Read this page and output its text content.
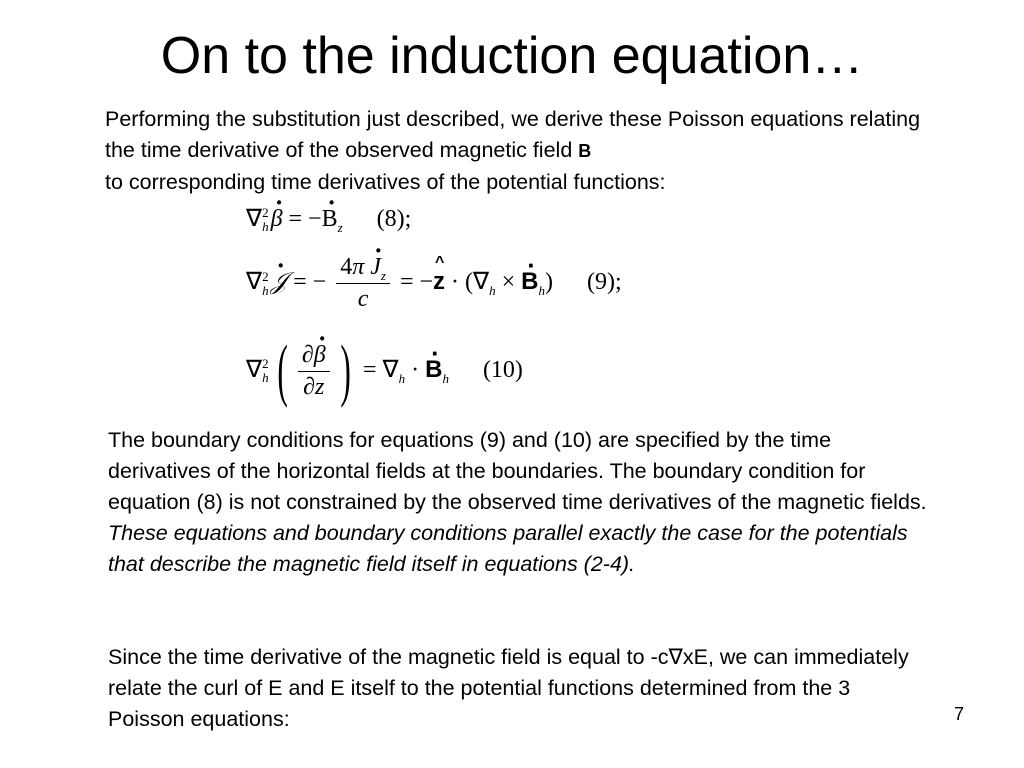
On to the induction equation…
Performing the substitution just described, we derive these Poisson equations relating the time derivative of the observed magnetic field B
to corresponding time derivatives of the potential functions:
∇ 2
h · β = −· $B_z$ (8);
∇ 2
h · 𝒥 = − $\frac{4\pi \cdot J_z}{c}$ = −^ $z \cdot (\nabla_h$ × · $B_h$) (9);
∇ 2
h ( $\frac{\partial\cdot \beta}{\partial z}$ ) = $\nabla_h$ · · $B_h$ (10)
The boundary conditions for equations (9) and (10) are specified by the time derivatives of the horizontal fields at the boundaries. The boundary condition for equation (8) is not constrained by the observed time derivatives of the magnetic fields. These equations and boundary conditions parallel exactly the case for the potentials that describe the magnetic field itself in equations (2-4).
Since the time derivative of the magnetic field is equal to -c∇xE, we can immediately relate the curl of E and E itself to the potential functions determined from the 3 Poisson equations:	7
